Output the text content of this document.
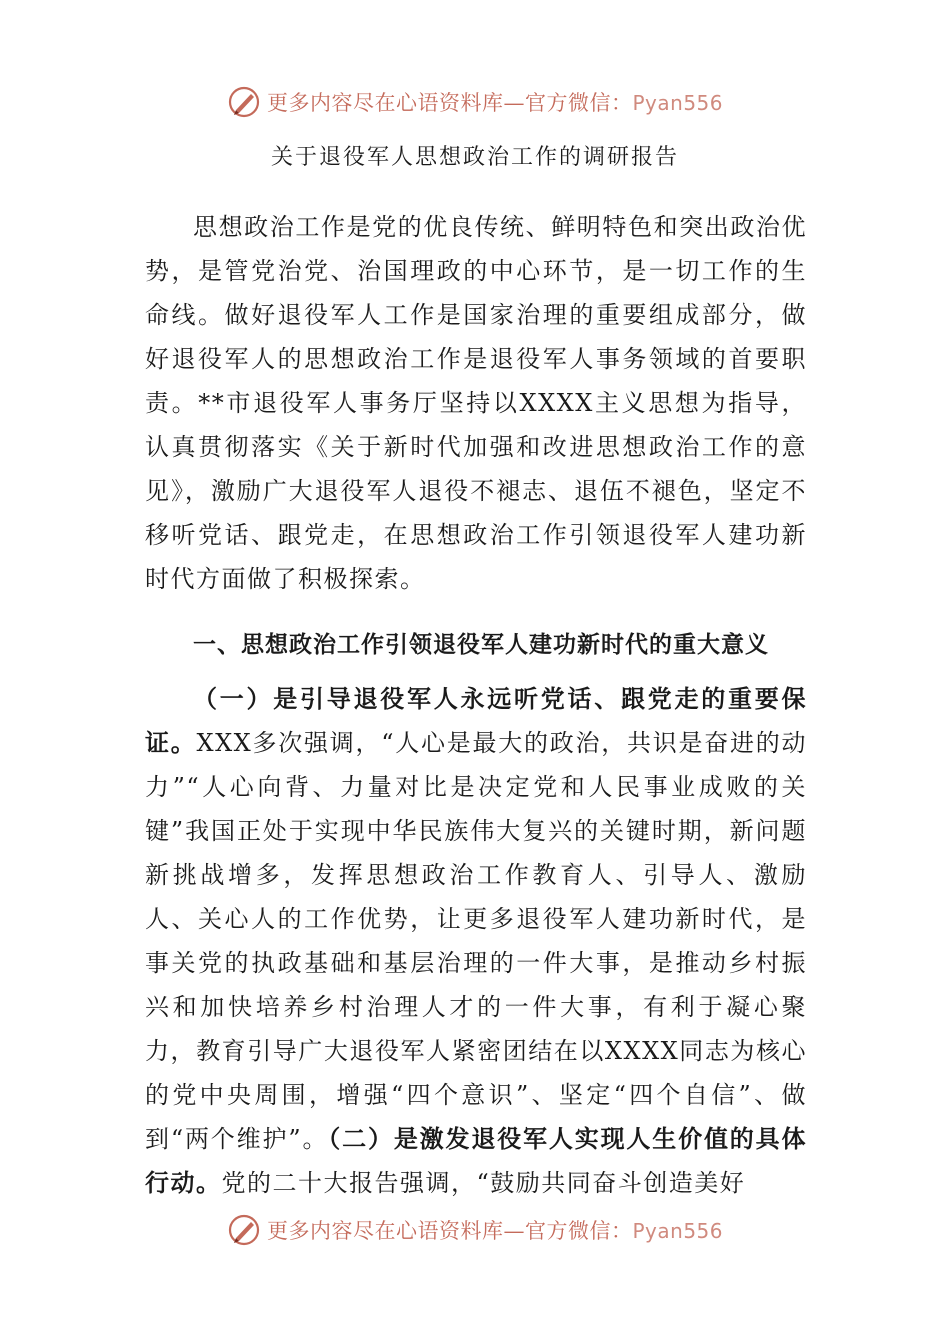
更多内容尽在心语资料库—官方微信：Pyan556
关于退役军人思想政治工作的调研报告

思想政治工作是党的优良传统、鲜明特色和突出政治优势，是管党治党、治国理政的中心环节，是一切工作的生命线。做好退役军人工作是国家治理的重要组成部分，做好退役军人的思想政治工作是退役军人事务领域的首要职责。**市退役军人事务厅坚持以XXXX主义思想为指导，认真贯彻落实《关于新时代加强和改进思想政治工作的意见》，激励广大退役军人退役不褪志、退伍不褪色，坚定不移听党话、跟党走，在思想政治工作引领退役军人建功新时代方面做了积极探索。

一、思想政治工作引领退役军人建功新时代的重大意义

（一）是引导退役军人永远听党话、跟党走的重要保证。XXX多次强调，“人心是最大的政治，共识是奋进的动力”“人心向背、力量对比是决定党和人民事业成败的关键”我国正处于实现中华民族伟大复兴的关键时期，新问题新挑战增多，发挥思想政治工作教育人、引导人、激励人、关心人的工作优势，让更多退役军人建功新时代，是事关党的执政基础和基层治理的一件大事，是推动乡村振兴和加快培养乡村治理人才的一件大事，有利于凝心聚力，教育引导广大退役军人紧密团结在以XXXX同志为核心的党中央周围，增强“四个意识”、坚定“四个自信”、做到“两个维护”。（二）是激发退役军人实现人生价值的具体行动。党的二十大报告强调，“鼓励共同奋斗创造美好

更多内容尽在心语资料库—官方微信：Pyan556
